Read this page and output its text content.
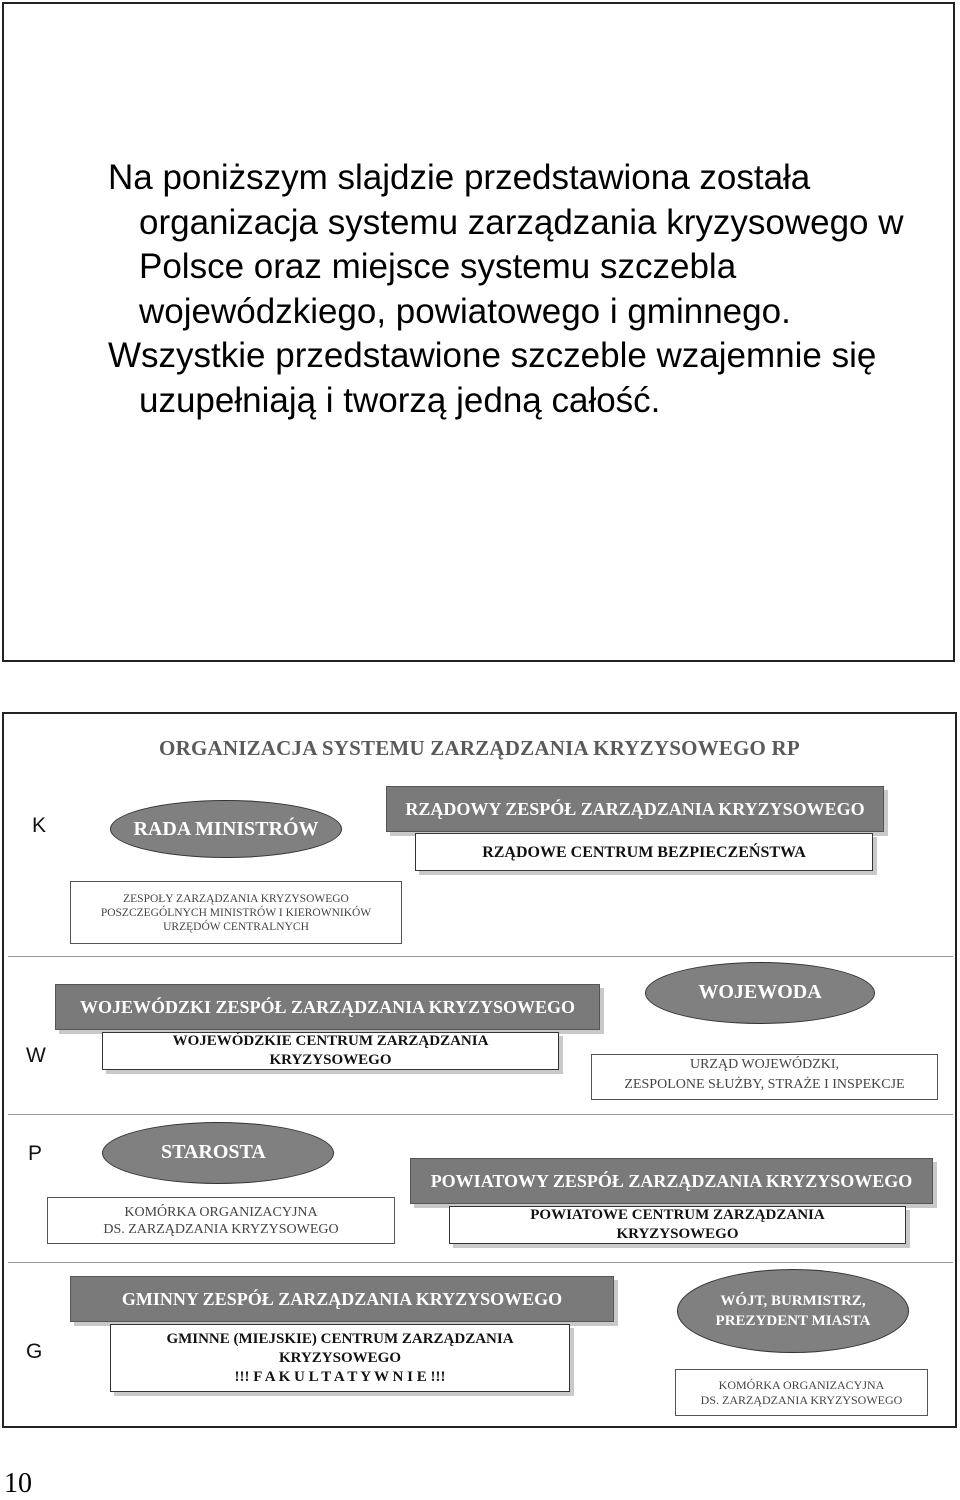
Na poniższym slajdzie przedstawiona została organizacja systemu zarządzania kryzysowego w Polsce oraz miejsce systemu szczebla wojewódzkiego, powiatowego i gminnego.

Wszystkie przedstawione szczeble wzajemnie się uzupełniają i tworzą jedną całość.

ORGANIZACJA SYSTEMU ZARZĄDZANIA KRYZYSOWEGO RP
K	RADA MINISTRÓW
RZĄDOWY ZESPÓŁ ZARZĄDZANIA KRYZYSOWEGO
RZĄDOWE CENTRUM BEZPIECZEŃSTWA
ZESPOŁY ZARZĄDZANIA KRYZYSOWEGO
POSZCZEGÓLNYCH MINISTRÓW I KIEROWNIKÓW
URZĘDÓW CENTRALNYCH
W
WOJEWÓDZKI ZESPÓŁ ZARZĄDZANIA KRYZYSOWEGO
WOJEWODA
WOJEWÓDZKIE CENTRUM ZARZĄDZANIA
KRYZYSOWEGO	URZĄD WOJEWÓDZKI,
ZESPOLONE SŁUŻBY, STRAŻE I INSPEKCJE
P	STAROSTA
POWIATOWY ZESPÓŁ ZARZĄDZANIA KRYZYSOWEGO
KOMÓRKA ORGANIZACYJNA
DS. ZARZĄDZANIA KRYZYSOWEGO
POWIATOWE CENTRUM ZARZĄDZANIA
KRYZYSOWEGO
G
GMINNY ZESPÓŁ ZARZĄDZANIA KRYZYSOWEGO	WÓJT, BURMISTRZ,
PREZYDENT MIASTA
GMINNE (MIEJSKIE) CENTRUM ZARZĄDZANIA
KRYZYSOWEGO
!!! F A K U L T A T Y W N I E !!!	KOMÓRKA ORGANIZACYJNA
DS. ZARZĄDZANIA KRYZYSOWEGO
10
